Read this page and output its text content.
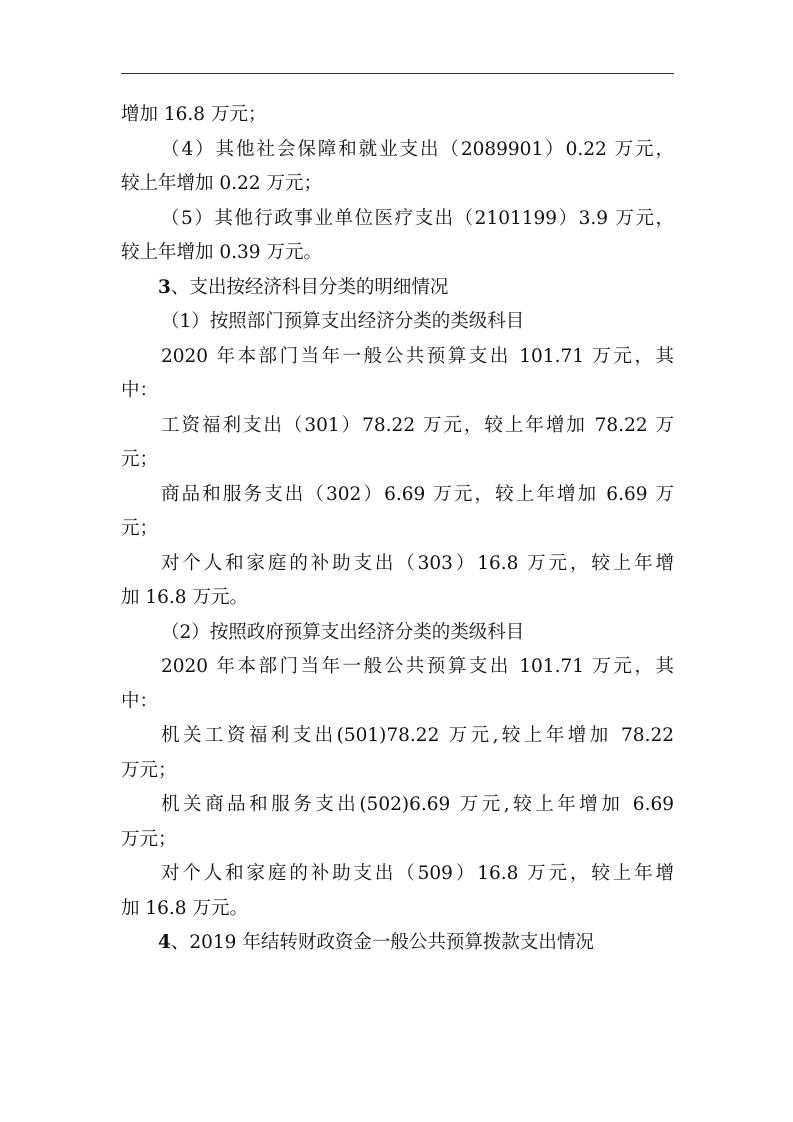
增加 16.8 万元；
（4）其他社会保障和就业支出（2089901）0.22 万元，
较上年增加 0.22 万元；
（5）其他行政事业单位医疗支出（2101199）3.9 万元，
较上年增加 0.39 万元。
3、支出按经济科目分类的明细情况
（1）按照部门预算支出经济分类的类级科目
2020 年本部门当年一般公共预算支出 101.71 万元，其
中：
工资福利支出（301）78.22 万元，较上年增加 78.22 万
元；
商品和服务支出（302）6.69 万元，较上年增加 6.69 万
元；
对个人和家庭的补助支出（303）16.8 万元，较上年增
加 16.8 万元。
（2）按照政府预算支出经济分类的类级科目
2020 年本部门当年一般公共预算支出 101.71 万元，其
中：
机关工资福利支出(501)78.22 万元,较上年增加 78.22
万元；
机关商品和服务支出(502)6.69 万元,较上年增加 6.69
万元；
对个人和家庭的补助支出（509）16.8 万元，较上年增
加 16.8 万元。
4、2019 年结转财政资金一般公共预算拨款支出情况
